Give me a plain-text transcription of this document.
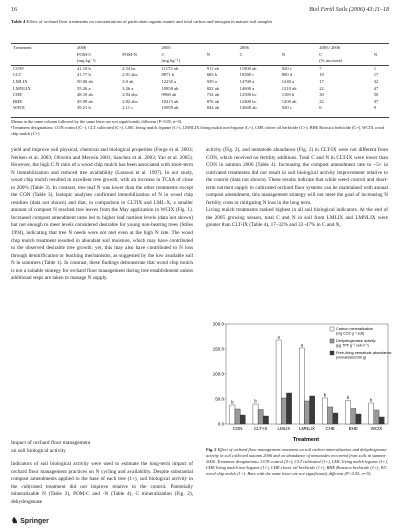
16	Biol Fertil Soils (2006) 43:11–18
Table 4 Effect of orchard floor treatments on concentrations of particulate organic matter and total carbon and nitrogen in mature soil samples
Treatment	2006		2005		2006		2005/ 2006	
	POM-C	POM-N	C	N	C	N	C	N
	(mg kg⁻¹)		(mg kg⁻¹)				(% increase)	
CONᵃ	41.10 b	2.54 bc	11172 ab	911 ab	11900 ab	920 c	7	1
CLT	41.77 b	2.91 abc	8871 b	683 b	10580 c	800 d	19	17
LMLIX	50.06 ab	3.0 ab	12235 a	939 a	14700 a	1240 a	17	32
LMNLIX	55.26 a	3.26 a	10858 ab	822 ab	14600 a	1210 ab	22	47
CHE	48.18 ab	2.94 abc	9968 ab	732 ab	12500 bc	1100 b	30	50
BHE	45.99 ab	2.82 abc	10415 ab	876 ab	12400 bc	1200 ab	22	37
WEIX	39.21 b	2.11 c	10959 ab	844 ab	13600 ab	920 c	6	9
Means in the same column followed by the same letter are not significantly different (P<0.05, n=5).
ᵃTreatment designations: CON control (C−), CLT cultivated (C+), LMC living mulch legume (C+), LMNLIX living mulch non-legume (C+), CHE clover oil herbicide (C+), BHE Brassica herbicide (C+), WCIX wood chip mulch (C+)
yield and improve soil physical, chemical and biological properties (Forge et al. 2003; Neilsen et al. 2003; Oliveira and Merwin 2001; Sanchez et al. 2003; Yao et al. 2005). However, the high C:N ratio of a wood chip mulch has been associated with short-term N immobilization and reduced tree availability (Larsson et al. 1997). In our study, wood chip mulch resulted in excellent tree growth, with an increase in TCSA of close to 200% (Table 3). In contrast, tree leaf N was lower than the other treatments except the CON (Table 3). Isotopic analyses confirmed immobilization of N in wood chip residues (data not shown) and that, in comparison to CLTIX and LML-X, a smaller amount of compost N reached tree leaves from the May application in WCIX (Fig. 1). Increased compost amendment rates led to higher leaf nutrient levels (data not shown) but not enough to meet levels considered desirable for young non-bearing trees (Stiles 1994), indicating that tree N needs were not met even at the high N rate. The wood chip mulch treatment resulted in abundant soil moisture, which may have contributed to the observed desirable tree growth; yet, this may also have contributed to N loss through denitrification or leaching mechanisms, as suggested by the low available soil N in summers (Table 1). In contrast, these findings demonstrate that wood chip mulch is not a suitable strategy for orchard floor management during tree establishment unless additional steps are taken to manage N supply.
Impact of orchard floor management
on soil biological activity
Indicators of soil biological activity were used to estimate the long-term impact of orchard floor management practices on N cycling and availability. Despite substantial compost amendments applied to the base of each tree (1+), soil biological activity in the cultivated treatment did not improve relative to the control. Potentially mineralizable N (Table 3), POM-C and -N (Table 4), C mineralization (Fig. 2), dehydrogenase
activity (Fig. 2), and nematode abundance (Fig. 2) in CLT-IX were not different from CON, which received no fertility additions. Total C and N in CLT-IX were lower than CON in autumn 2006 (Table 4). Increasing the compost amendment rate to ~5× in cultivated treatments did not result in soil biological activity improvement relative to the control (data not shown). These results indicate that while weed control and short-term nutrient supply in cultivated orchard floor systems can be maintained with annual compost amendment, this management strategy will not meet the goal of increasing N fertility costs or mitigating N loss in the long term.
Living mulch treatments ranked highest in all soil biological indicators. At the end of the 2005 growing season, total C and N in soil from LMLIX and LMNLIX were greater than CLT-IX (Table 4), 17–32% and 32–47% in C and N,
200.0
150.0
100.0
50.0
0.0
b	b
a
a
b	b	b
CON	CLT-IX LMLIX LMNLIX CHE	BHE	WCIX
Carbon mineralization
(mg CO2 g⁻¹ soil)
Dehydrogenase activity
(μg TPF g⁻¹ soil d⁻¹)
Free-living nematode abundance
(nematodes/100 g)
Treatment
Fig. 2 Effect of orchard floor management treatment on soil carbon mineralization and dehydrogenase activity in soil collected autumn 2006 and on abundance of nematodes recovered from soils in summer 2006. Treatment designations: CON control (0+), CLT cultivated (1+), LMC living mulch legume (1+), CHE living mulch non-legume (1+), CHE clover oil herbicide (1+), BHE Brassica herbicide (1+), WC wood chip mulch (1+). Bars with the same letter are not significantly different (P<0.05, n=5).
♞ Springer
